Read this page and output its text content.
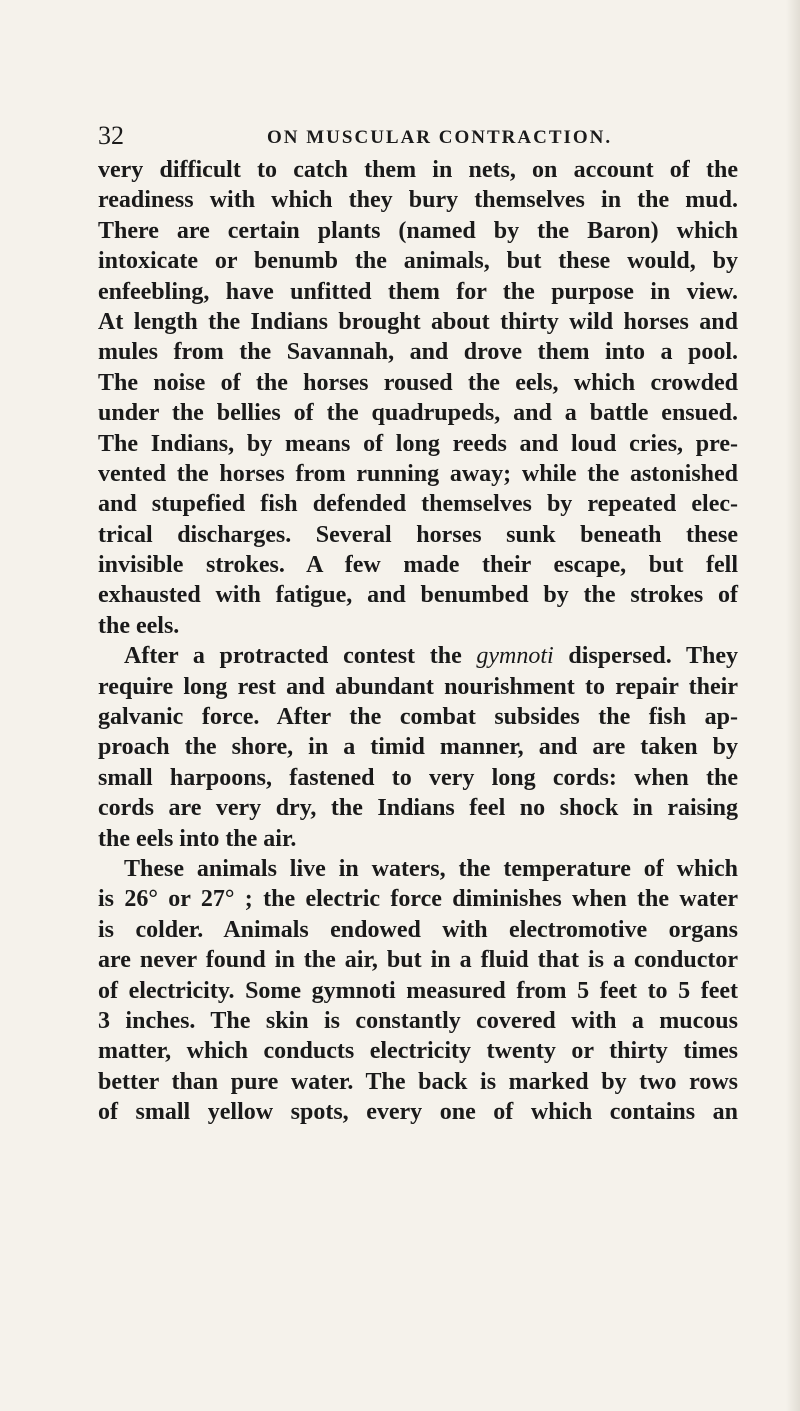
32	ON MUSCULAR CONTRACTION.
very difficult to catch them in nets, on account of the
readiness with which they bury themselves in the mud.
There are certain plants (named by the Baron) which
intoxicate or benumb the animals, but these would, by
enfeebling, have unfitted them for the purpose in view.
At length the Indians brought about thirty wild horses and
mules from the Savannah, and drove them into a pool.
The noise of the horses roused the eels, which crowded
under the bellies of the quadrupeds, and a battle ensued.
The Indians, by means of long reeds and loud cries, pre-
vented the horses from running away; while the astonished
and stupefied fish defended themselves by repeated elec-
trical discharges. Several horses sunk beneath these
invisible strokes. A few made their escape, but fell
exhausted with fatigue, and benumbed by the strokes of
the eels.
After a protracted contest the gymnoti dispersed. They
require long rest and abundant nourishment to repair their
galvanic force. After the combat subsides the fish ap-
proach the shore, in a timid manner, and are taken by
small harpoons, fastened to very long cords: when the
cords are very dry, the Indians feel no shock in raising
the eels into the air.
These animals live in waters, the temperature of which
is 26° or 27° ; the electric force diminishes when the water
is colder. Animals endowed with electromotive organs
are never found in the air, but in a fluid that is a conductor
of electricity. Some gymnoti measured from 5 feet to 5 feet
3 inches. The skin is constantly covered with a mucous
matter, which conducts electricity twenty or thirty times
better than pure water. The back is marked by two rows
of small yellow spots, every one of which contains an
